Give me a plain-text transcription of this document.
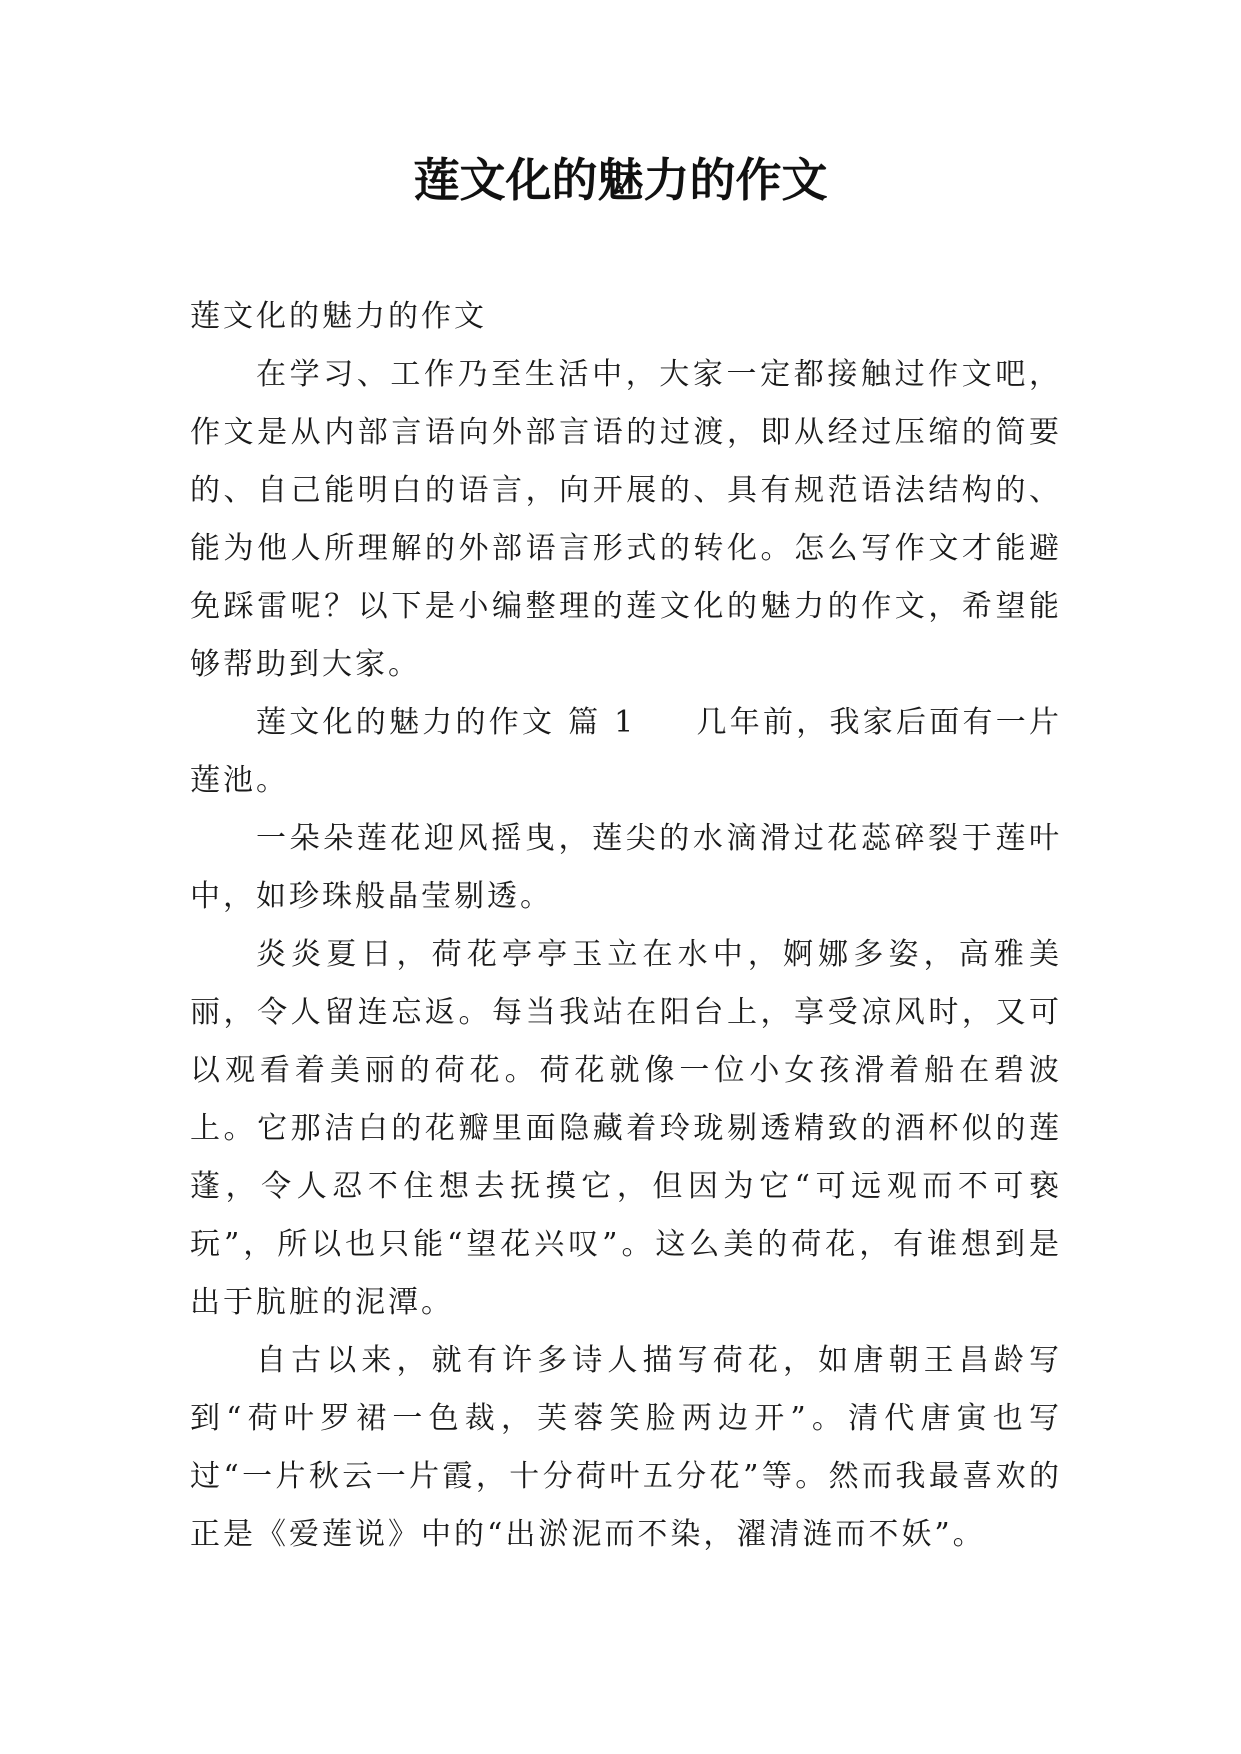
莲文化的魅力的作文

莲文化的魅力的作文

在学习、工作乃至生活中，大家一定都接触过作文吧，作文是从内部言语向外部言语的过渡，即从经过压缩的简要的、自己能明白的语言，向开展的、具有规范语法结构的、能为他人所理解的外部语言形式的转化。怎么写作文才能避免踩雷呢？以下是小编整理的莲文化的魅力的作文，希望能够帮助到大家。

莲文化的魅力的作文 篇 1 几年前，我家后面有一片莲池。

一朵朵莲花迎风摇曳，莲尖的水滴滑过花蕊碎裂于莲叶中，如珍珠般晶莹剔透。

炎炎夏日，荷花亭亭玉立在水中，婀娜多姿，高雅美丽，令人留连忘返。每当我站在阳台上，享受凉风时，又可以观看着美丽的荷花。荷花就像一位小女孩滑着船在碧波上。它那洁白的花瓣里面隐藏着玲珑剔透精致的酒杯似的莲蓬，令人忍不住想去抚摸它，但因为它“可远观而不可亵玩”，所以也只能“望花兴叹”。这么美的荷花，有谁想到是出于肮脏的泥潭。

自古以来，就有许多诗人描写荷花，如唐朝王昌龄写到“荷叶罗裙一色裁，芙蓉笑脸两边开”。清代唐寅也写过“一片秋云一片霞，十分荷叶五分花”等。然而我最喜欢的正是《爱莲说》中的“出淤泥而不染，濯清涟而不妖”。
